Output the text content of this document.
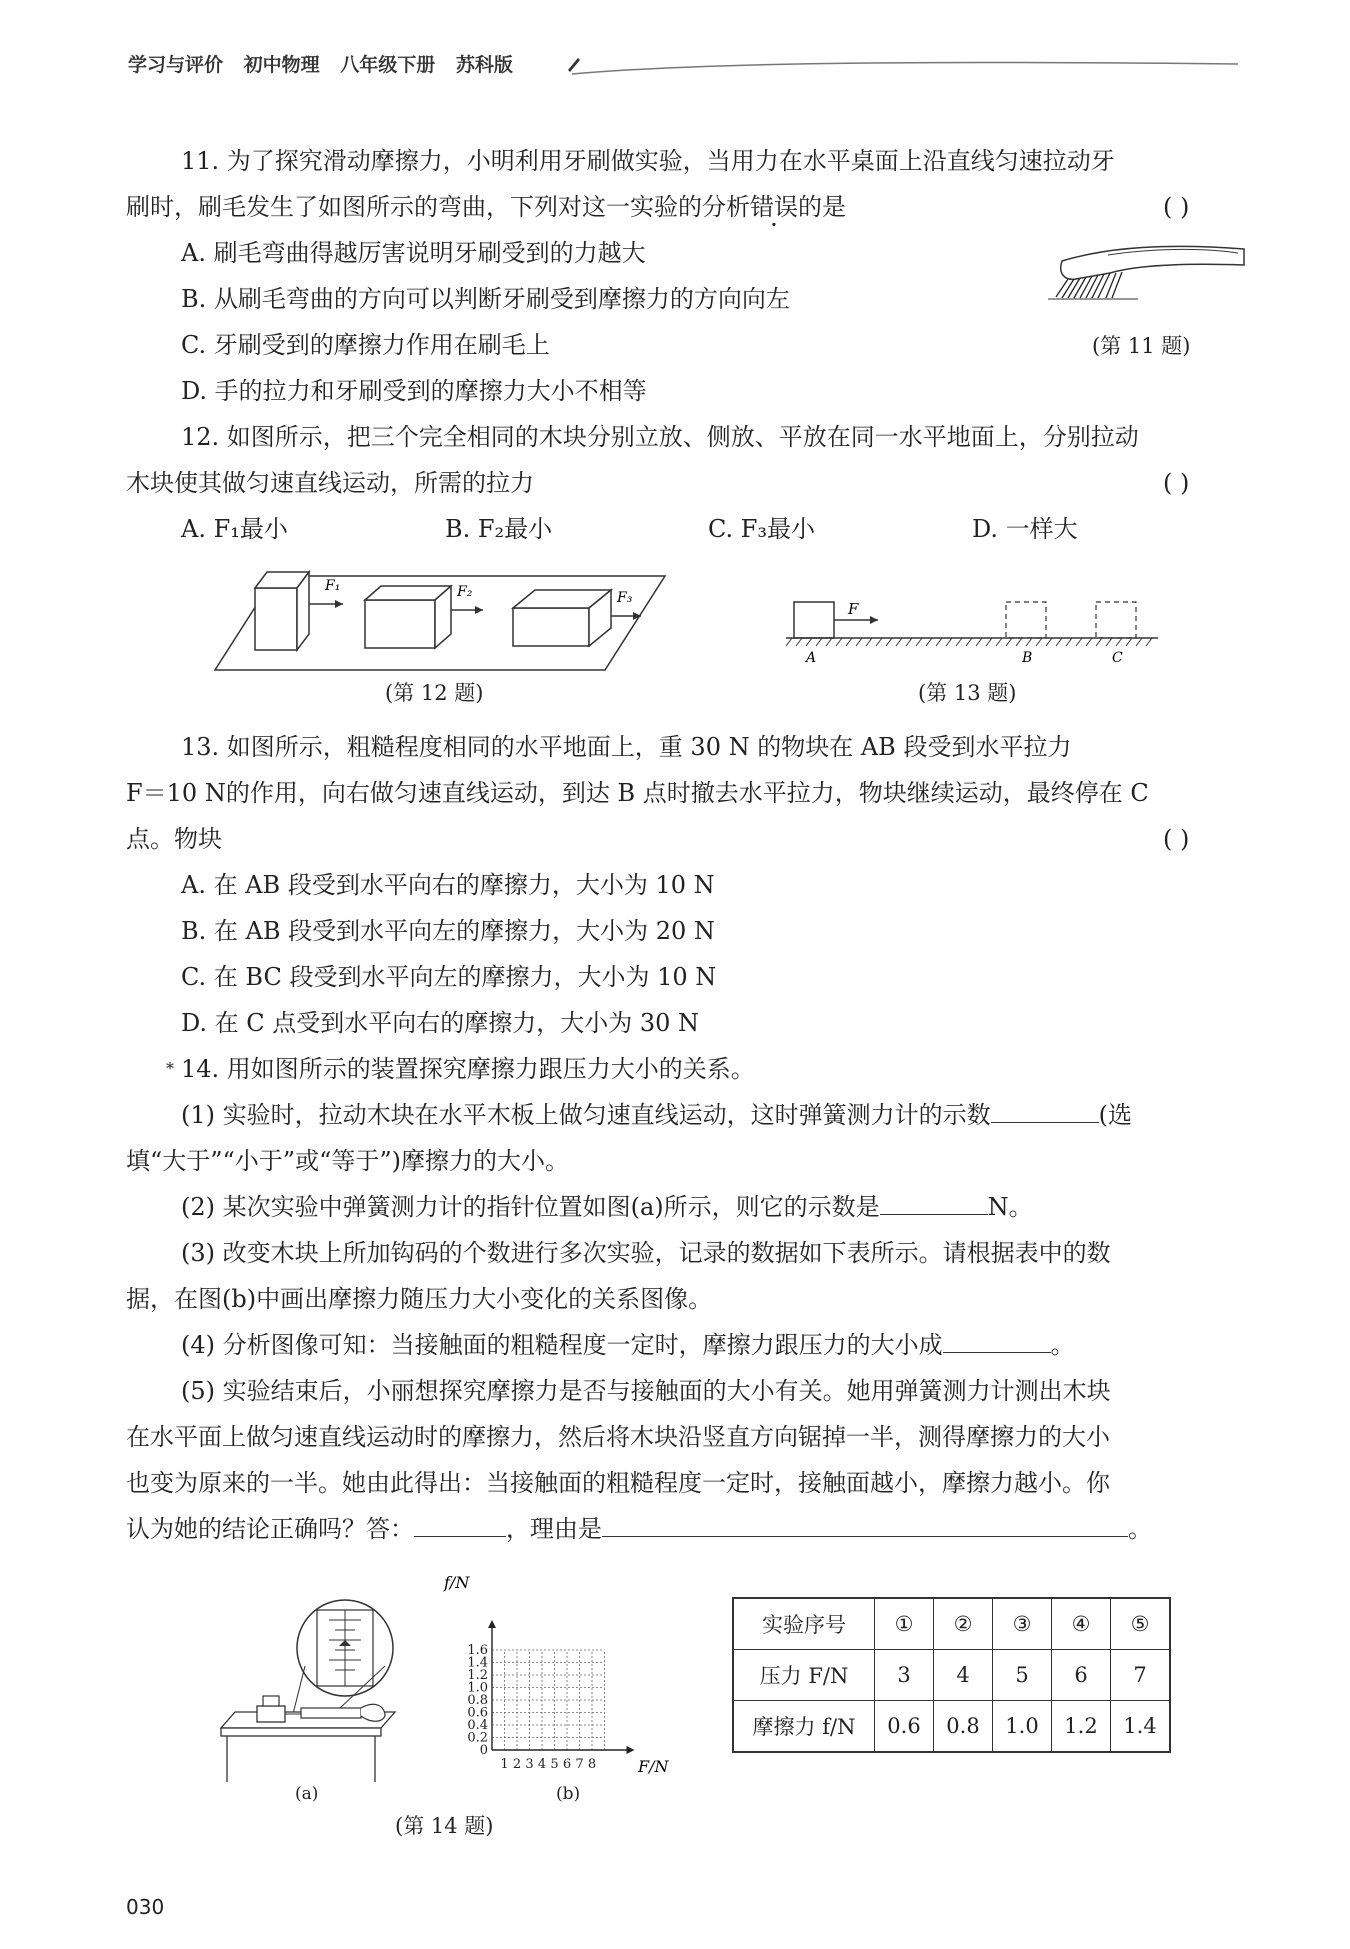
学习与评价 初中物理 八年级下册 苏科版
11. 为了探究滑动摩擦力，小明利用牙刷做实验，当用力在水平桌面上沿直线匀速拉动牙
刷时，刷毛发生了如图所示的弯曲，下列对这一实验的分析错误的是	( )
A. 刷毛弯曲得越厉害说明牙刷受到的力越大
B. 从刷毛弯曲的方向可以判断牙刷受到摩擦力的方向向左
C. 牙刷受到的摩擦力作用在刷毛上
D. 手的拉力和牙刷受到的摩擦力大小不相等
(第 11 题)
12. 如图所示，把三个完全相同的木块分别立放、侧放、平放在同一水平地面上，分别拉动
木块使其做匀速直线运动，所需的拉力	( )
A. F₁最小	B. F₂最小	C. F₃最小	D. 一样大
F₁	F₂	F₃
(第 12 题)
F
A	B	C
(第 13 题)
13. 如图所示，粗糙程度相同的水平地面上，重 30 N 的物块在 AB 段受到水平拉力
F＝10 N的作用，向右做匀速直线运动，到达 B 点时撤去水平拉力，物块继续运动，最终停在 C
点。物块	( )
A. 在 AB 段受到水平向右的摩擦力，大小为 10 N
B. 在 AB 段受到水平向左的摩擦力，大小为 20 N
C. 在 BC 段受到水平向左的摩擦力，大小为 10 N
D. 在 C 点受到水平向右的摩擦力，大小为 30 N
* 14. 用如图所示的装置探究摩擦力跟压力大小的关系。
(1) 实验时，拉动木块在水平木板上做匀速直线运动，这时弹簧测力计的示数	(选
填“大于”“小于”或“等于”)摩擦力的大小。
(2) 某次实验中弹簧测力计的指针位置如图(a)所示，则它的示数是	N。
(3) 改变木块上所加钩码的个数进行多次实验，记录的数据如下表所示。请根据表中的数
据，在图(b)中画出摩擦力随压力大小变化的关系图像。
(4) 分析图像可知：当接触面的粗糙程度一定时，摩擦力跟压力的大小成	。
(5) 实验结束后，小丽想探究摩擦力是否与接触面的大小有关。她用弹簧测力计测出木块
在水平面上做匀速直线运动时的摩擦力，然后将木块沿竖直方向锯掉一半，测得摩擦力的大小
也变为原来的一半。她由此得出：当接触面的粗糙程度一定时，接触面越小，摩擦力越小。你
认为她的结论正确吗？答：	，理由是	。
(a)
f/N
F/N
0
0.2
0.4
0.6
0.8
1.0
1.2
1.4
1.6
1 2 3 4 5 6 7 8
(b)
(第 14 题)
实验序号	①	②	③	④	⑤
压力 F/N	3	4	5	6	7
摩擦力 f/N	0.6	0.8	1.0	1.2	1.4
030
